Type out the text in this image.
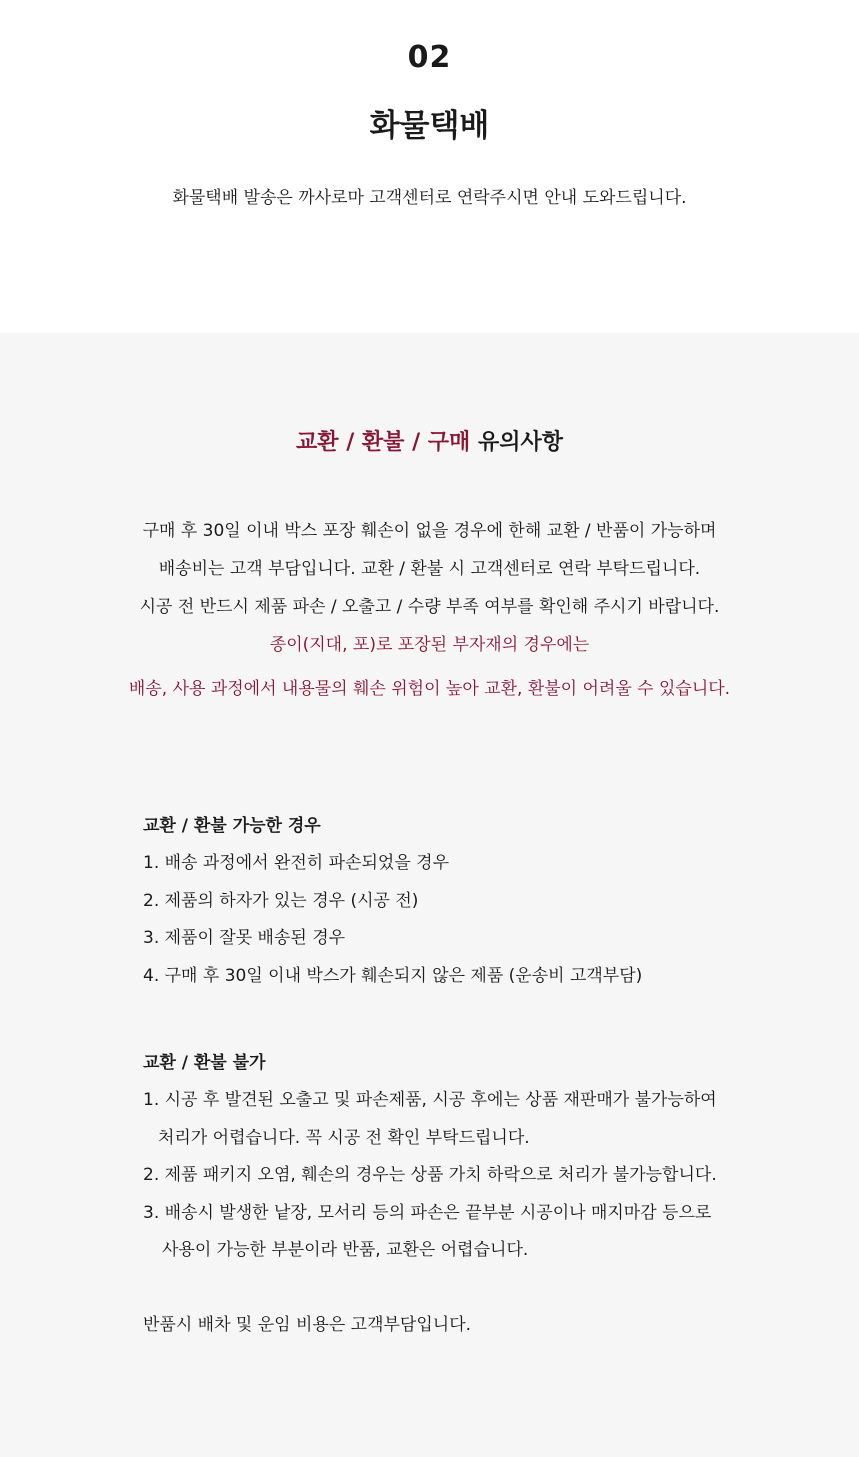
02
화물택배
화물택배 발송은 까사로마 고객센터로 연락주시면 안내 도와드립니다.
교환 / 환불 / 구매 유의사항
구매 후 30일 이내 박스 포장 훼손이 없을 경우에 한해 교환 / 반품이 가능하며
배송비는 고객 부담입니다. 교환 / 환불 시 고객센터로 연락 부탁드립니다.
시공 전 반드시 제품 파손 / 오출고 / 수량 부족 여부를 확인해 주시기 바랍니다.
종이(지대, 포)로 포장된 부자재의 경우에는
배송, 사용 과정에서 내용물의 훼손 위험이 높아 교환, 환불이 어려울 수 있습니다.
교환 / 환불 가능한 경우
1. 배송 과정에서 완전히 파손되었을 경우
2. 제품의 하자가 있는 경우 (시공 전)
3. 제품이 잘못 배송된 경우
4. 구매 후 30일 이내 박스가 훼손되지 않은 제품 (운송비 고객부담)
교환 / 환불 불가
1. 시공 후 발견된 오출고 및 파손제품, 시공 후에는 상품 재판매가 불가능하여
처리가 어렵습니다. 꼭 시공 전 확인 부탁드립니다.
2. 제품 패키지 오염, 훼손의 경우는 상품 가치 하락으로 처리가 불가능합니다.
3. 배송시 발생한 낱장, 모서리 등의 파손은 끝부분 시공이나 매지마감 등으로
사용이 가능한 부분이라 반품, 교환은 어렵습니다.
반품시 배차 및 운임 비용은 고객부담입니다.
